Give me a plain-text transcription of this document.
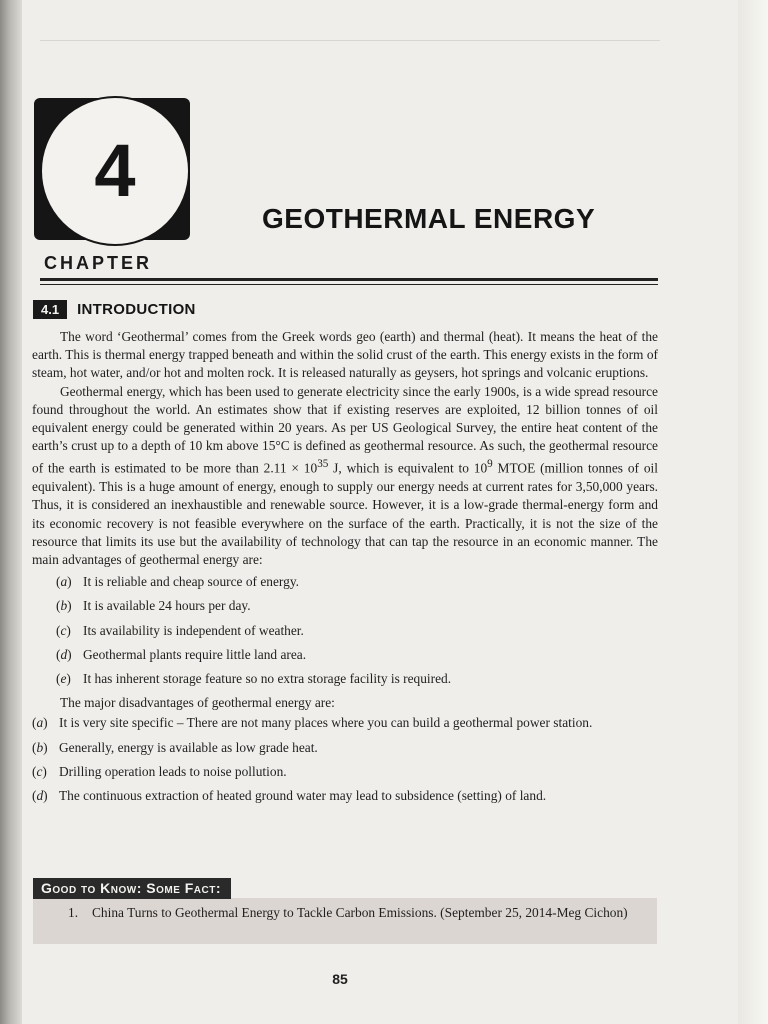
4
CHAPTER
GEOTHERMAL ENERGY
4.1	INTRODUCTION

The word ‘Geothermal’ comes from the Greek words geo (earth) and thermal (heat). It means the heat of the earth. This is thermal energy trapped beneath and within the solid crust of the earth. This energy exists in the form of steam, hot water, and/or hot and molten rock. It is released naturally as geysers, hot springs and volcanic eruptions.

Geothermal energy, which has been used to generate electricity since the early 1900s, is a wide spread resource found throughout the world. An estimates show that if existing reserves are exploited, 12 billion tonnes of oil equivalent energy could be generated within 20 years. As per US Geological Survey, the entire heat content of the earth’s crust up to a depth of 10 km above 15°C is defined as geothermal resource. As such, the geothermal resource of the earth is estimated to be more than $2.11 \times 10^{35}$ J, which is equivalent to $10^9$ MTOE (million tonnes of oil equivalent). This is a huge amount of energy, enough to supply our energy needs at current rates for 3,50,000 years. Thus, it is considered an inexhaustible and renewable source. However, it is a low-grade thermal-energy form and its economic recovery is not feasible everywhere on the surface of the earth. Practically, it is not the size of the resource that limits its use but the availability of technology that can tap the resource in an economic manner. The main advantages of geothermal energy are:

(a) It is reliable and cheap source of energy.
(b) It is available 24 hours per day.
(c) Its availability is independent of weather.
(d) Geothermal plants require little land area.
(e) It has inherent storage feature so no extra storage facility is required.

The major disadvantages of geothermal energy are:

(a) It is very site specific – There are not many places where you can build a geothermal power station.
(b) Generally, energy is available as low grade heat.
(c) Drilling operation leads to noise pollution.
(d) The continuous extraction of heated ground water may lead to subsidence (setting) of land.
Good to Know: Some Fact:
1.	China Turns to Geothermal Energy to Tackle Carbon Emissions. (September 25, 2014-Meg Cichon)
85
